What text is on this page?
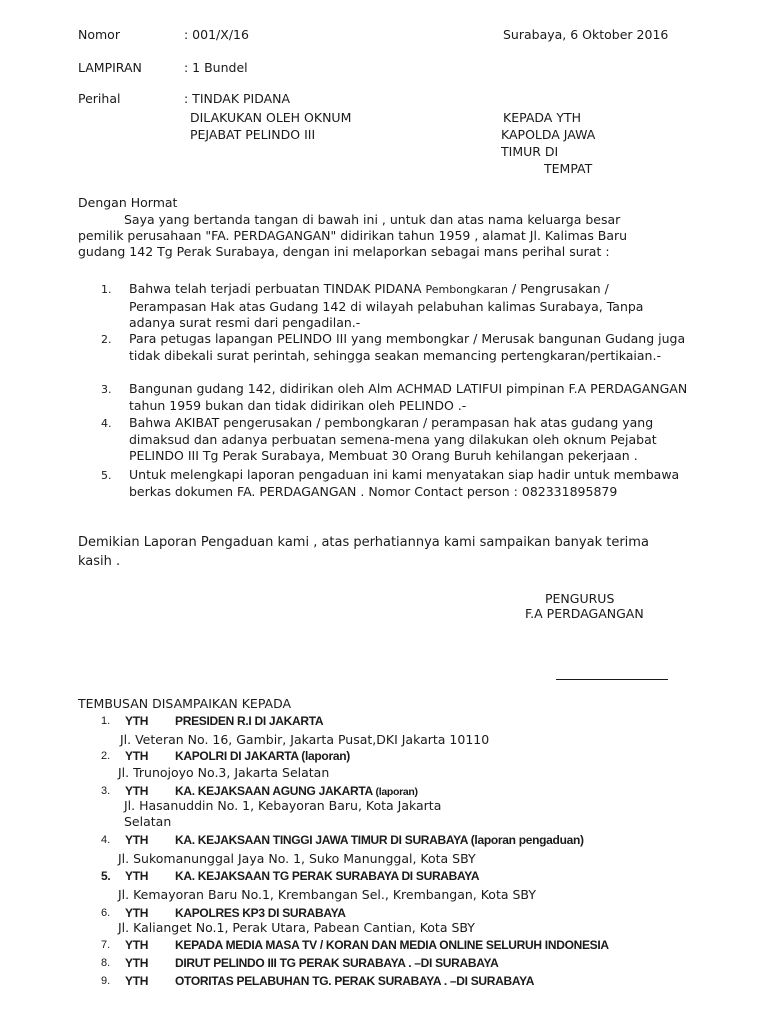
Nomor	: 001/X/16	Surabaya, 6 Oktober 2016
LAMPIRAN	: 1 Bundel
Perihal	: TINDAK PIDANA
DILAKUKAN OLEH OKNUM
PEJABAT PELINDO III
KEPADA YTH
KAPOLDA JAWA
TIMUR DI
TEMPAT
Dengan Hormat
Saya yang bertanda tangan di bawah ini , untuk dan atas nama keluarga besar
pemilik perusahaan "FA. PERDAGANGAN" didirikan tahun 1959 , alamat Jl. Kalimas Baru
gudang 142 Tg Perak Surabaya, dengan ini melaporkan sebagai mans perihal surat :
1. Bahwa telah terjadi perbuatan TINDAK PIDANA Pembongkaran / Pengrusakan / Perampasan Hak atas Gudang 142 di wilayah pelabuhan kalimas Surabaya, Tanpa adanya surat resmi dari pengadilan.-
2. Para petugas lapangan PELINDO III yang membongkar / Merusak bangunan Gudang juga tidak dibekali surat perintah, sehingga seakan memancing pertengkaran/pertikaian.-
3. Bangunan gudang 142, didirikan oleh Alm ACHMAD LATIFUI pimpinan F.A PERDAGANGAN tahun 1959 bukan dan tidak didirikan oleh PELINDO .-
4. Bahwa AKIBAT pengerusakan / pembongkaran / perampasan hak atas gudang yang dimaksud dan adanya perbuatan semena-mena yang dilakukan oleh oknum Pejabat PELINDO III Tg Perak Surabaya, Membuat 30 Orang Buruh kehilangan pekerjaan .
5. Untuk melengkapi laporan pengaduan ini kami menyatakan siap hadir untuk membawa berkas dokumen FA. PERDAGANGAN . Nomor Contact person : 082331895879
Demikian Laporan Pengaduan kami , atas perhatiannya kami sampaikan banyak terima
kasih .
PENGURUS
F.A PERDAGANGAN
TEMBUSAN DISAMPAIKAN KEPADA
1. YTH PRESIDEN R.I DI JAKARTA
Jl. Veteran No. 16, Gambir, Jakarta Pusat,DKI Jakarta 10110
2. YTH KAPOLRI DI JAKARTA (laporan)
Jl. Trunojoyo No.3, Jakarta Selatan
3. YTH KA. KEJAKSAAN AGUNG JAKARTA (laporan)
Jl. Hasanuddin No. 1, Kebayoran Baru, Kota Jakarta
Selatan
4. YTH KA. KEJAKSAAN TINGGI JAWA TIMUR DI SURABAYA (laporan pengaduan)
Jl. Sukomanunggal Jaya No. 1, Suko Manunggal, Kota SBY
5. YTH KA. KEJAKSAAN TG PERAK SURABAYA DI SURABAYA
Jl. Kemayoran Baru No.1, Krembangan Sel., Krembangan, Kota SBY
6. YTH KAPOLRES KP3 DI SURABAYA
Jl. Kalianget No.1, Perak Utara, Pabean Cantian, Kota SBY
7. YTH KEPADA MEDIA MASA TV / KORAN DAN MEDIA ONLINE SELURUH INDONESIA
8. YTH DIRUT PELINDO III TG PERAK SURABAYA . –DI SURABAYA
9. YTH OTORITAS PELABUHAN TG. PERAK SURABAYA . –DI SURABAYA
